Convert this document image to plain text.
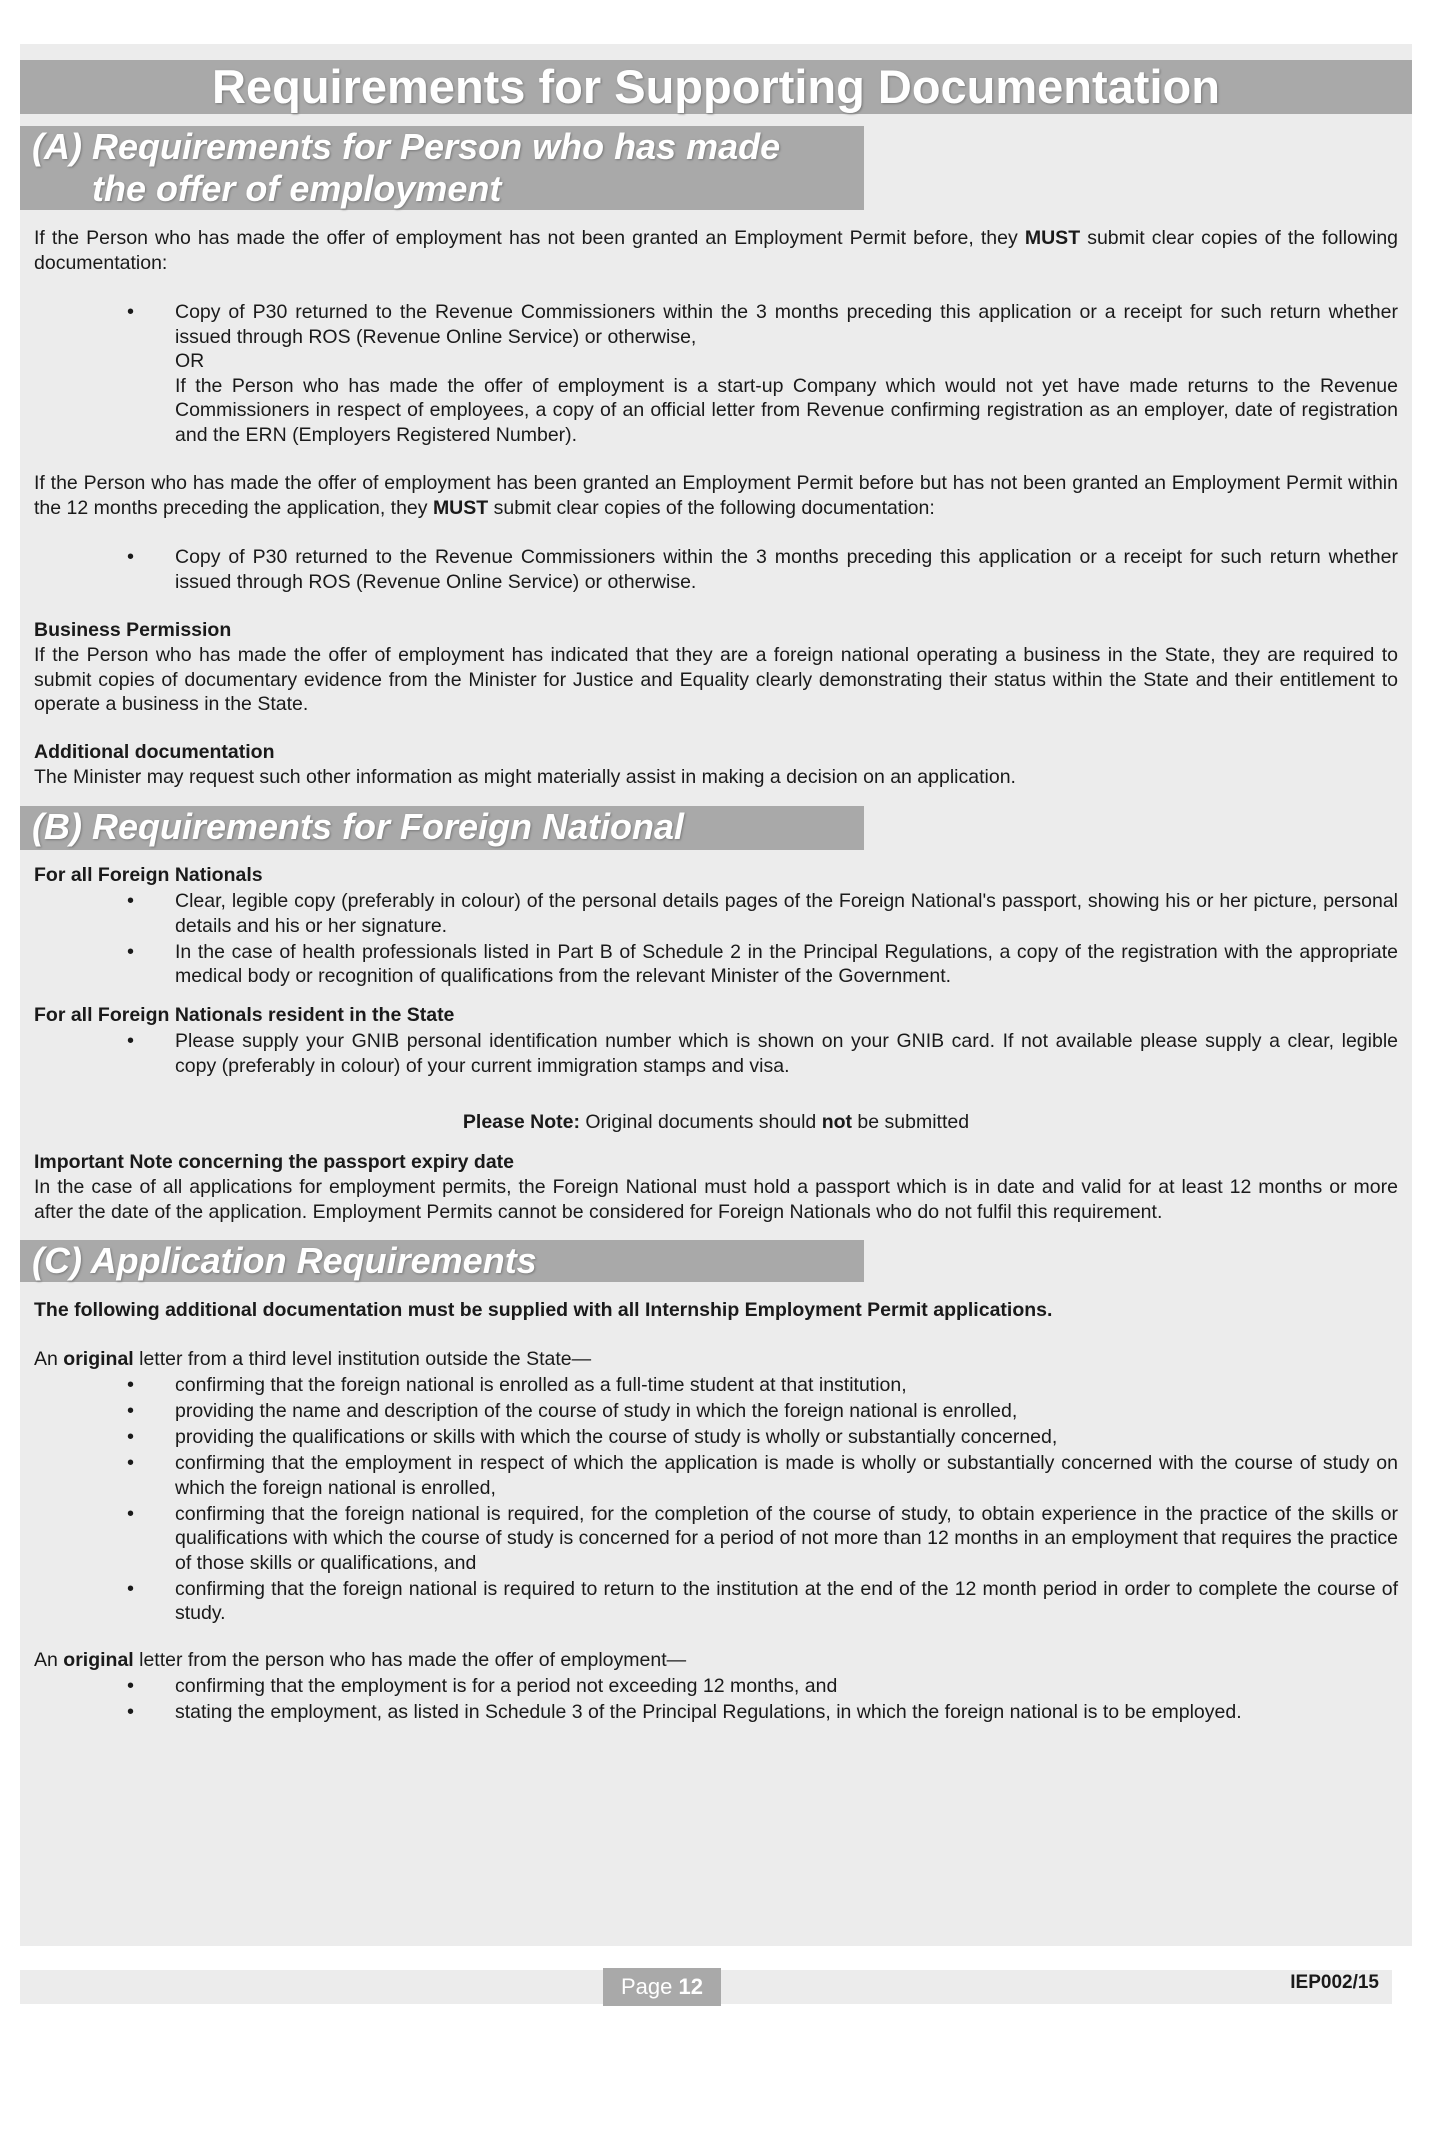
Requirements for Supporting Documentation
(A) Requirements for Person who has made
the offer of employment

If the Person who has made the offer of employment has not been granted an Employment Permit before, they MUST submit clear copies of the following documentation:

• Copy of P30 returned to the Revenue Commissioners within the 3 months preceding this application or a receipt for such return whether issued through ROS (Revenue Online Service) or otherwise,
OR
If the Person who has made the offer of employment is a start-up Company which would not yet have made returns to the Revenue Commissioners in respect of employees, a copy of an official letter from Revenue confirming registration as an employer, date of registration and the ERN (Employers Registered Number).

If the Person who has made the offer of employment has been granted an Employment Permit before but has not been granted an Employment Permit within the 12 months preceding the application, they MUST submit clear copies of the following documentation:

• Copy of P30 returned to the Revenue Commissioners within the 3 months preceding this application or a receipt for such return whether issued through ROS (Revenue Online Service) or otherwise.

Business Permission

If the Person who has made the offer of employment has indicated that they are a foreign national operating a business in the State, they are required to submit copies of documentary evidence from the Minister for Justice and Equality clearly demonstrating their status within the State and their entitlement to operate a business in the State.

Additional documentation

The Minister may request such other information as might materially assist in making a decision on an application.

(B) Requirements for Foreign National

For all Foreign Nationals

• Clear, legible copy (preferably in colour) of the personal details pages of the Foreign National's passport, showing his or her picture, personal details and his or her signature.
• In the case of health professionals listed in Part B of Schedule 2 in the Principal Regulations, a copy of the registration with the appropriate medical body or recognition of qualifications from the relevant Minister of the Government.

For all Foreign Nationals resident in the State

• Please supply your GNIB personal identification number which is shown on your GNIB card. If not available please supply a clear, legible copy (preferably in colour) of your current immigration stamps and visa.

Please Note: Original documents should not be submitted

Important Note concerning the passport expiry date

In the case of all applications for employment permits, the Foreign National must hold a passport which is in date and valid for at least 12 months or more after the date of the application. Employment Permits cannot be considered for Foreign Nationals who do not fulfil this requirement.

(C) Application Requirements

The following additional documentation must be supplied with all Internship Employment Permit applications.

An original letter from a third level institution outside the State—

• confirming that the foreign national is enrolled as a full-time student at that institution,
• providing the name and description of the course of study in which the foreign national is enrolled,
• providing the qualifications or skills with which the course of study is wholly or substantially concerned,
• confirming that the employment in respect of which the application is made is wholly or substantially concerned with the course of study on which the foreign national is enrolled,
• confirming that the foreign national is required, for the completion of the course of study, to obtain experience in the practice of the skills or qualifications with which the course of study is concerned for a period of not more than 12 months in an employment that requires the practice of those skills or qualifications, and
• confirming that the foreign national is required to return to the institution at the end of the 12 month period in order to complete the course of study.

An original letter from the person who has made the offer of employment—

• confirming that the employment is for a period not exceeding 12 months, and
• stating the employment, as listed in Schedule 3 of the Principal Regulations, in which the foreign national is to be employed.
Page 12	IEP002/15
